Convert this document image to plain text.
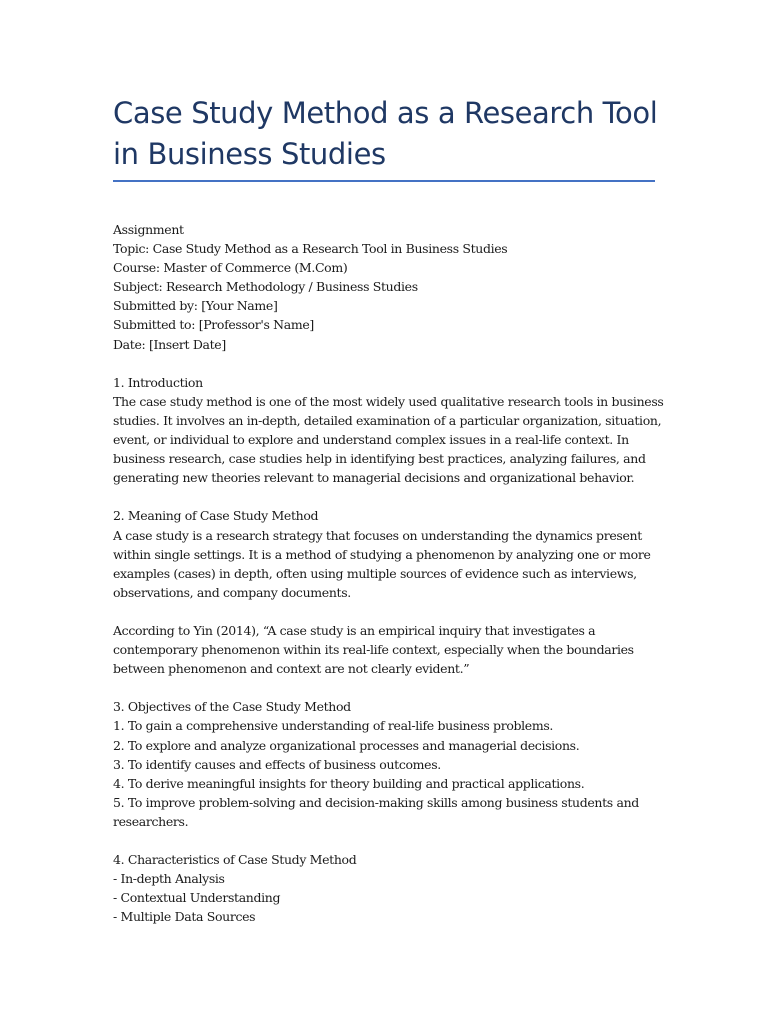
Case Study Method as a Research Tool in Business Studies
Assignment
Topic: Case Study Method as a Research Tool in Business Studies
Course: Master of Commerce (M.Com)
Subject: Research Methodology / Business Studies
Submitted by: [Your Name]
Submitted to: [Professor's Name]
Date: [Insert Date]
1. Introduction
The case study method is one of the most widely used qualitative research tools in business
studies. It involves an in-depth, detailed examination of a particular organization, situation,
event, or individual to explore and understand complex issues in a real-life context. In
business research, case studies help in identifying best practices, analyzing failures, and
generating new theories relevant to managerial decisions and organizational behavior.
2. Meaning of Case Study Method
A case study is a research strategy that focuses on understanding the dynamics present
within single settings. It is a method of studying a phenomenon by analyzing one or more
examples (cases) in depth, often using multiple sources of evidence such as interviews,
observations, and company documents.
According to Yin (2014), “A case study is an empirical inquiry that investigates a
contemporary phenomenon within its real-life context, especially when the boundaries
between phenomenon and context are not clearly evident.”
3. Objectives of the Case Study Method
1. To gain a comprehensive understanding of real-life business problems.
2. To explore and analyze organizational processes and managerial decisions.
3. To identify causes and effects of business outcomes.
4. To derive meaningful insights for theory building and practical applications.
5. To improve problem-solving and decision-making skills among business students and
researchers.
4. Characteristics of Case Study Method
- In-depth Analysis
- Contextual Understanding
- Multiple Data Sources
